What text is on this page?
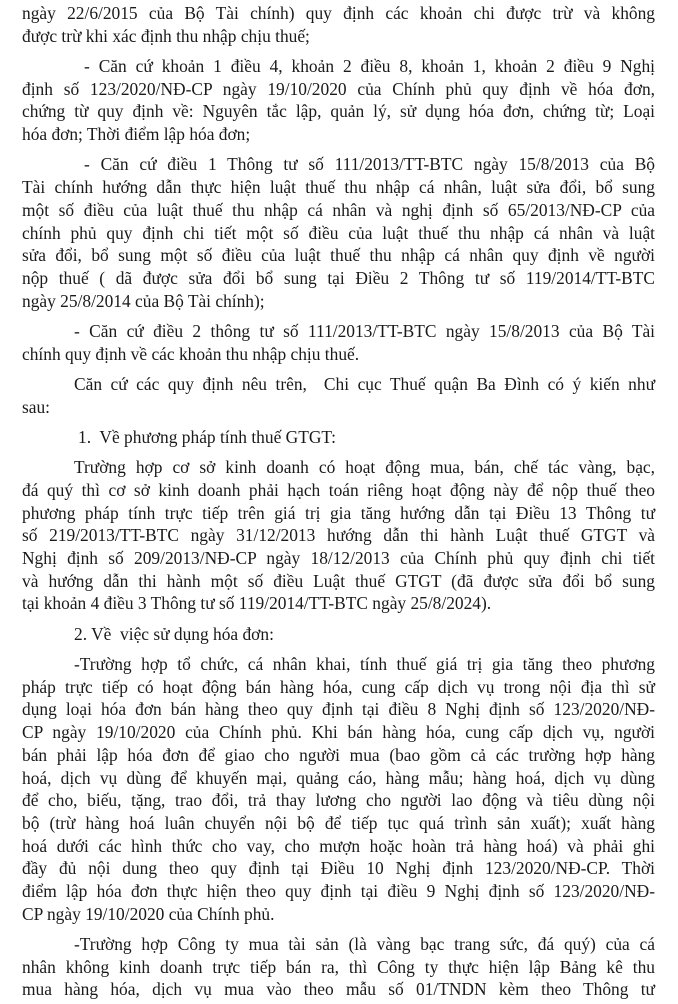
ngày 22/6/2015 của Bộ Tài chính) quy định các khoản chi được trừ và không
được trừ khi xác định thu nhập chịu thuế;
- Căn cứ khoản 1 điều 4, khoản 2 điều 8, khoản 1, khoản 2 điều 9 Nghị
định số 123/2020/NĐ-CP ngày 19/10/2020 của Chính phủ quy định về hóa đơn,
chứng từ quy định về: Nguyên tắc lập, quản lý, sử dụng hóa đơn, chứng từ; Loại
hóa đơn; Thời điểm lập hóa đơn;
- Căn cứ điều 1 Thông tư số 111/2013/TT-BTC ngày 15/8/2013 của Bộ
Tài chính hướng dẫn thực hiện luật thuế thu nhập cá nhân, luật sửa đổi, bổ sung
một số điều của luật thuế thu nhập cá nhân và nghị định số 65/2013/NĐ-CP của
chính phủ quy định chi tiết một số điều của luật thuế thu nhập cá nhân và luật
sửa đổi, bổ sung một số điều của luật thuế thu nhập cá nhân quy định về người
nộp thuế ( dã được sửa đổi bổ sung tại Điều 2 Thông tư số 119/2014/TT-BTC
ngày 25/8/2014 của Bộ Tài chính);
- Căn cứ điều 2 thông tư số 111/2013/TT-BTC ngày 15/8/2013 của Bộ Tài
chính quy định về các khoản thu nhập chịu thuế.
Căn cứ các quy định nêu trên,  Chi cục Thuế quận Ba Đình có ý kiến như
sau:
1.  Về phương pháp tính thuế GTGT:
Trường hợp cơ sở kinh doanh có hoạt động mua, bán, chế tác vàng, bạc,
đá quý thì cơ sở kinh doanh phải hạch toán riêng hoạt động này để nộp thuế theo
phương pháp tính trực tiếp trên giá trị gia tăng hướng dẫn tại Điều 13 Thông tư
số 219/2013/TT-BTC ngày 31/12/2013 hướng dẫn thi hành Luật thuế GTGT và
Nghị định số 209/2013/NĐ-CP ngày 18/12/2013 của Chính phủ quy định chi tiết
và hướng dẫn thi hành một số điều Luật thuế GTGT (đã được sửa đổi bổ sung
tại khoản 4 điều 3 Thông tư số 119/2014/TT-BTC ngày 25/8/2024).
2. Về  việc sử dụng hóa đơn:
-Trường hợp tổ chức, cá nhân khai, tính thuế giá trị gia tăng theo phương
pháp trực tiếp có hoạt động bán hàng hóa, cung cấp dịch vụ trong nội địa thì sử
dụng loại hóa đơn bán hàng theo quy định tại điều 8 Nghị định số 123/2020/NĐ-
CP ngày 19/10/2020 của Chính phủ. Khi bán hàng hóa, cung cấp dịch vụ, người
bán phải lập hóa đơn để giao cho người mua (bao gồm cả các trường hợp hàng
hoá, dịch vụ dùng để khuyến mại, quảng cáo, hàng mẫu; hàng hoá, dịch vụ dùng
để cho, biếu, tặng, trao đổi, trả thay lương cho người lao động và tiêu dùng nội
bộ (trừ hàng hoá luân chuyển nội bộ để tiếp tục quá trình sản xuất); xuất hàng
hoá dưới các hình thức cho vay, cho mượn hoặc hoàn trả hàng hoá) và phải ghi
đầy đủ nội dung theo quy định tại Điều 10 Nghị định 123/2020/NĐ-CP. Thời
điểm lập hóa đơn thực hiện theo quy định tại điều 9 Nghị định số 123/2020/NĐ-
CP ngày 19/10/2020 của Chính phủ.
-Trường hợp Công ty mua tài sản (là vàng bạc trang sức, đá quý) của cá
nhân không kinh doanh trực tiếp bán ra, thì Công ty thực hiện lập Bảng kê thu
mua hàng hóa, dịch vụ mua vào theo mẫu số 01/TNDN kèm theo Thông tư
